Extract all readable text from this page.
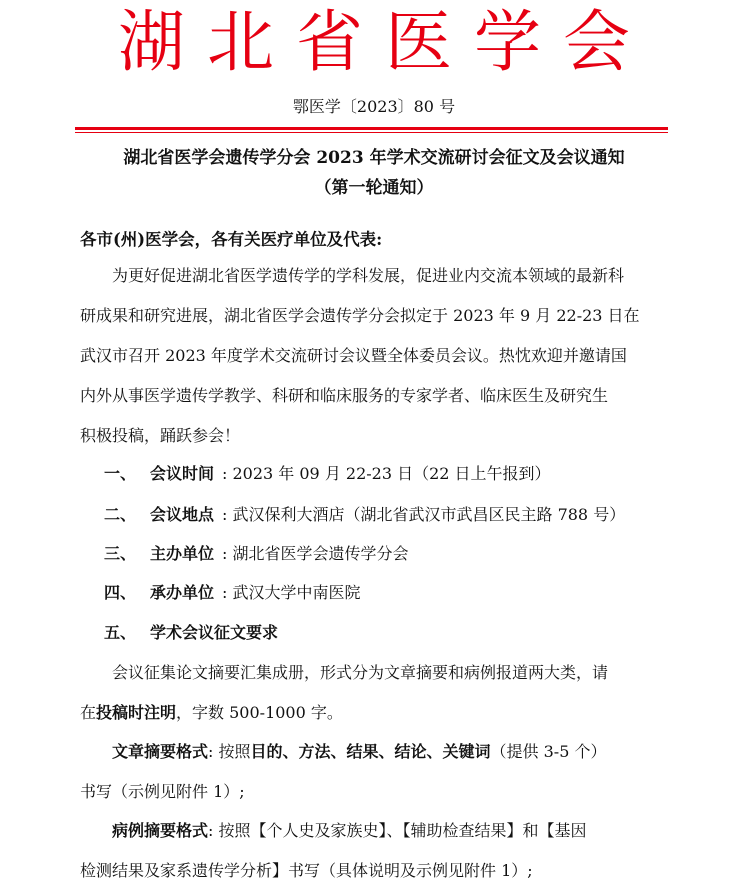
湖北省医学会
鄂医学〔2023〕80 号
湖北省医学会遗传学分会 2023 年学术交流研讨会征文及会议通知
（第一轮通知）
各市(州)医学会，各有关医疗单位及代表:
为更好促进湖北省医学遗传学的学科发展，促进业内交流本领域的最新科
研成果和研究进展，湖北省医学会遗传学分会拟定于 2023 年 9 月 22-23 日在
武汉市召开 2023 年度学术交流研讨会议暨全体委员会议。热忱欢迎并邀请国
内外从事医学遗传学教学、科研和临床服务的专家学者、临床医生及研究生
积极投稿，踊跃参会！
一、 会议时间 : 2023 年 09 月 22-23 日（22 日上午报到）
二、 会议地点 : 武汉保利大酒店（湖北省武汉市武昌区民主路 788 号）
三、 主办单位 : 湖北省医学会遗传学分会
四、 承办单位 : 武汉大学中南医院
五、 学术会议征文要求
会议征集论文摘要汇集成册，形式分为文章摘要和病例报道两大类，请
在投稿时注明，字数 500-1000 字。
文章摘要格式: 按照目的、方法、结果、结论、关键词（提供 3-5 个）
书写（示例见附件 1）;
病例摘要格式: 按照【个人史及家族史】、【辅助检查结果】和【基因
检测结果及家系遗传学分析】书写（具体说明及示例见附件 1）;
